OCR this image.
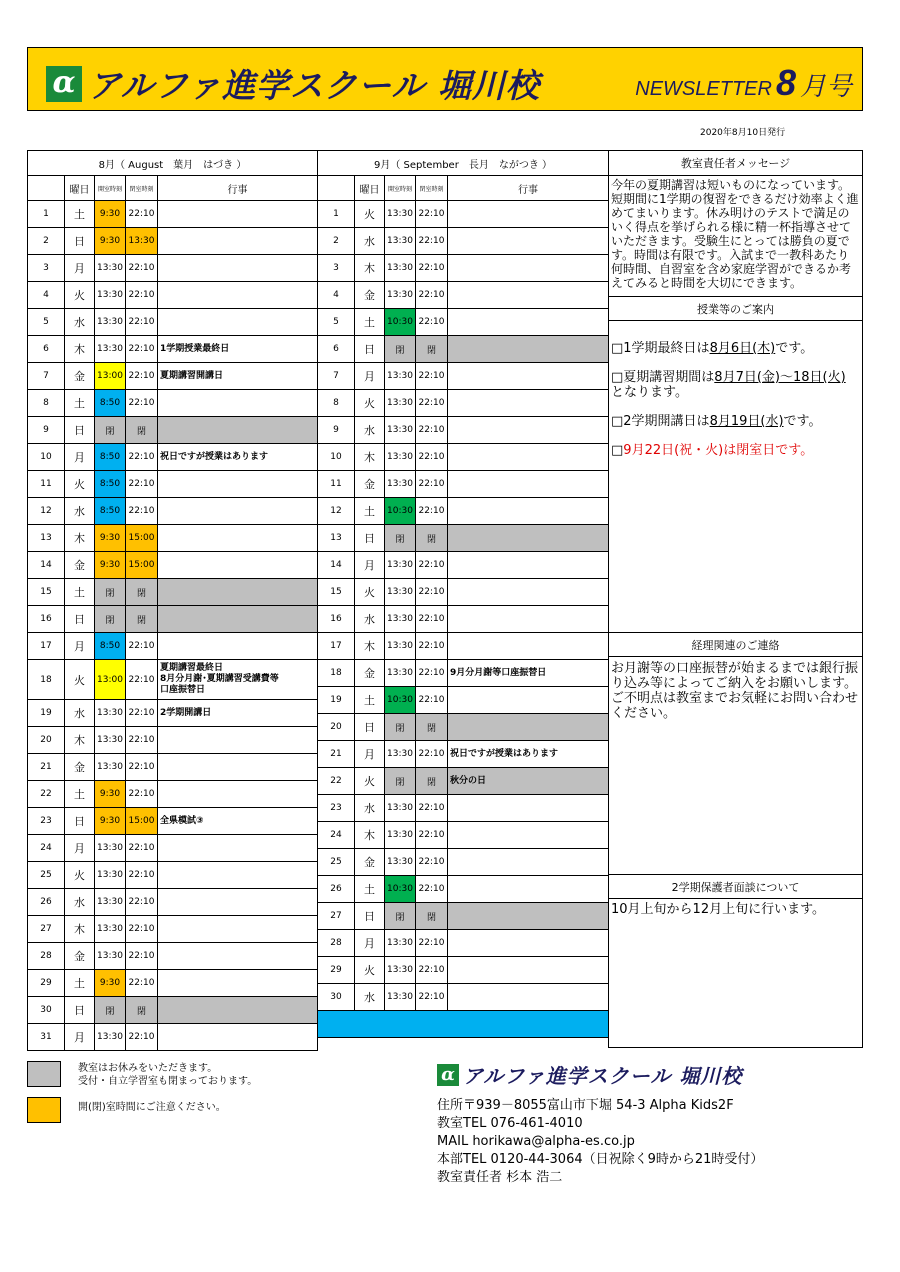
α アルファ進学スクール 堀川校	NEWSLETTER 8 月号
2020年8月10日発行
8月（ August　葉月　はづき ）				
	曜日	開室時刻	閉室時刻	行事
1	土	9:30	22:10	
2	日	9:30	13:30	
3	月	13:30	22:10	
4	火	13:30	22:10	
5	水	13:30	22:10	
6	木	13:30	22:10	1学期授業最終日
7	金	13:00	22:10	夏期講習開講日
8	土	8:50	22:10	
9	日	閉	閉	
10	月	8:50	22:10	祝日ですが授業はあります
11	火	8:50	22:10	
12	水	8:50	22:10	
13	木	9:30	15:00	
14	金	9:30	15:00	
15	土	閉	閉	
16	日	閉	閉	
17	月	8:50	22:10	
18	火	13:00	22:10	夏期講習最終日
8月分月謝･夏期講習受講費等
口座振替日
19	水	13:30	22:10	2学期開講日
20	木	13:30	22:10	
21	金	13:30	22:10	
22	土	9:30	22:10	
23	日	9:30	15:00	全県模試③
24	月	13:30	22:10	
25	火	13:30	22:10	
26	水	13:30	22:10	
27	木	13:30	22:10	
28	金	13:30	22:10	
29	土	9:30	22:10	
30	日	閉	閉	
31	月	13:30	22:10	
9月（ September　長月　ながつき ）				
	曜日	開室時刻	閉室時刻	行事
1	火	13:30	22:10	
2	水	13:30	22:10	
3	木	13:30	22:10	
4	金	13:30	22:10	
5	土	10:30	22:10	
6	日	閉	閉	
7	月	13:30	22:10	
8	火	13:30	22:10	
9	水	13:30	22:10	
10	木	13:30	22:10	
11	金	13:30	22:10	
12	土	10:30	22:10	
13	日	閉	閉	
14	月	13:30	22:10	
15	火	13:30	22:10	
16	水	13:30	22:10	
17	木	13:30	22:10	
18	金	13:30	22:10	9月分月謝等口座振替日
19	土	10:30	22:10	
20	日	閉	閉	
21	月	13:30	22:10	祝日ですが授業はあります
22	火	閉	閉	秋分の日
23	水	13:30	22:10	
24	木	13:30	22:10	
25	金	13:30	22:10	
26	土	10:30	22:10	
27	日	閉	閉	
28	月	13:30	22:10	
29	火	13:30	22:10	
30	水	13:30	22:10	

教室責任者メッセージ
今年の夏期講習は短いものになっています。短期間に1学期の復習をできるだけ効率よく進めてまいります。休み明けのテストで満足のいく得点を挙げられる様に精一杯指導させていただきます。受験生にとっては勝負の夏です。時間は有限です。入試まで一教科あたり何時間、自習室を含め家庭学習ができるか考えてみると時間を大切にできます。
授業等のご案内

□1学期最終日は8月6日(木)です。

□夏期講習期間は8月7日(金)～18日(火)
となります。

□2学期開講日は8月19日(水)です。

□9月22日(祝・火)は閉室日です。

経理関連のご連絡
お月謝等の口座振替が始まるまでは銀行振り込み等によってご納入をお願いします。ご不明点は教室までお気軽にお問い合わせください。
2学期保護者面談について
10月上旬から12月上旬に行います。
教室はお休みをいただきます。
受付・自立学習室も閉まっております。
開(閉)室時間にご注意ください。
α アルファ進学スクール 堀川校
住所〒939－8055富山市下堀 54-3 Alpha Kids2F
教室TEL 076-461-4010
MAIL horikawa@alpha-es.co.jp
本部TEL 0120-44-3064（日祝除く9時から21時受付）
教室責任者 杉本 浩二
